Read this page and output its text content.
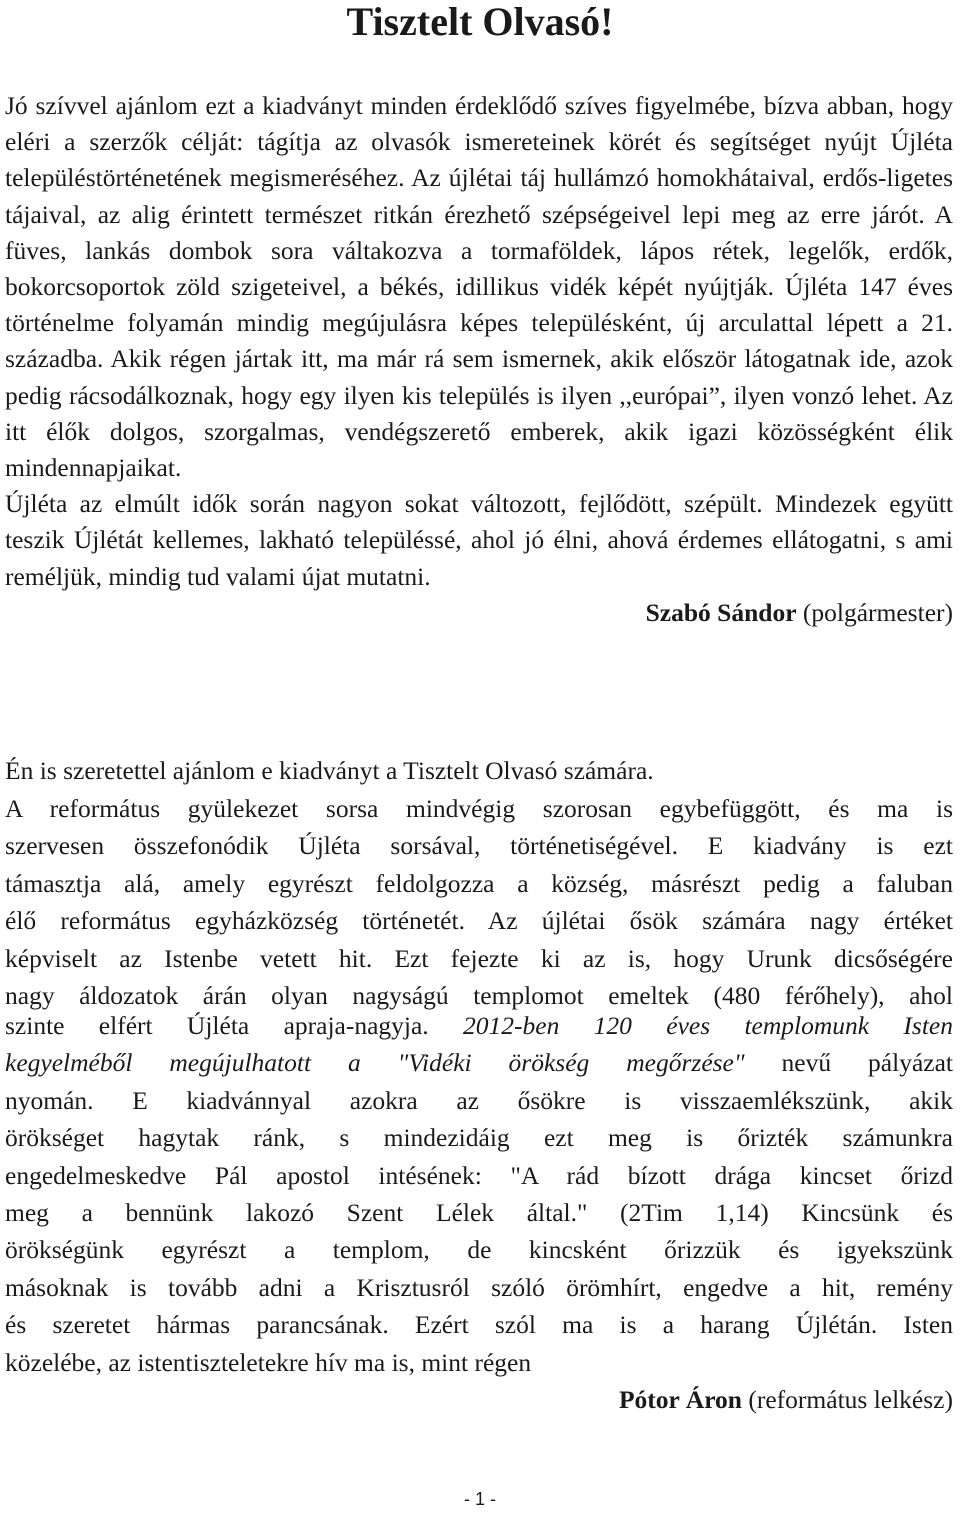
Tisztelt Olvasó!

Jó szívvel ajánlom ezt a kiadványt minden érdeklődő szíves figyelmébe, bízva abban, hogy eléri a szerzők célját: tágítja az olvasók ismereteinek körét és segítséget nyújt Újléta településtörténetének megismeréséhez. Az újlétai táj hullámzó homokhátaival, erdős-ligetes tájaival, az alig érintett természet ritkán érezhető szépségeivel lepi meg az erre járót. A füves, lankás dombok sora váltakozva a tormaföldek, lápos rétek, legelők, erdők, bokorcsoportok zöld szigeteivel, a békés, idillikus vidék képét nyújtják. Újléta 147 éves történelme folyamán mindig megújulásra képes településként, új arculattal lépett a 21. századba. Akik régen jártak itt, ma már rá sem ismernek, akik először látogatnak ide, azok pedig rácsodálkoznak, hogy egy ilyen kis település is ilyen ,,európai”, ilyen vonzó lehet. Az itt élők dolgos, szorgalmas, vendégszerető emberek, akik igazi közösségként élik mindennapjaikat.

Újléta az elmúlt idők során nagyon sokat változott, fejlődött, szépült. Mindezek együtt teszik Újlétát kellemes, lakható településsé, ahol jó élni, ahová érdemes ellátogatni, s ami reméljük, mindig tud valami újat mutatni.

Szabó Sándor (polgármester)

Én is szeretettel ajánlom e kiadványt a Tisztelt Olvasó számára.

A református gyülekezet sorsa mindvégig szorosan egybefüggött, és ma is

szervesen összefonódik Újléta sorsával, történetiségével. E kiadvány is ezt

támasztja alá, amely egyrészt feldolgozza a község, másrészt pedig a faluban

élő református egyházközség történetét. Az újlétai ősök számára nagy értéket

képviselt az Istenbe vetett hit. Ezt fejezte ki az is, hogy Urunk dicsőségére

nagy áldozatok árán olyan nagyságú templomot emeltek (480 férőhely), ahol

szinte elfért Újléta apraja-nagyja. 2012-ben 120 éves templomunk Isten

kegyelméből megújulhatott a "Vidéki örökség megőrzése" nevű pályázat

nyomán. E kiadvánnyal azokra az ősökre is visszaemlékszünk, akik

örökséget hagytak ránk, s mindezidáig ezt meg is őrizték számunkra

engedelmeskedve Pál apostol intésének: "A rád bízott drága kincset őrizd

meg a bennünk lakozó Szent Lélek által." (2Tim 1,14) Kincsünk és

örökségünk egyrészt a templom, de kincsként őrizzük és igyekszünk

másoknak is tovább adni a Krisztusról szóló örömhírt, engedve a hit, remény

és szeretet hármas parancsának. Ezért szól ma is a harang Újlétán. Isten

közelébe, az istentiszteletekre hív ma is, mint régen

Pótor Áron (református lelkész)

- 1 -
